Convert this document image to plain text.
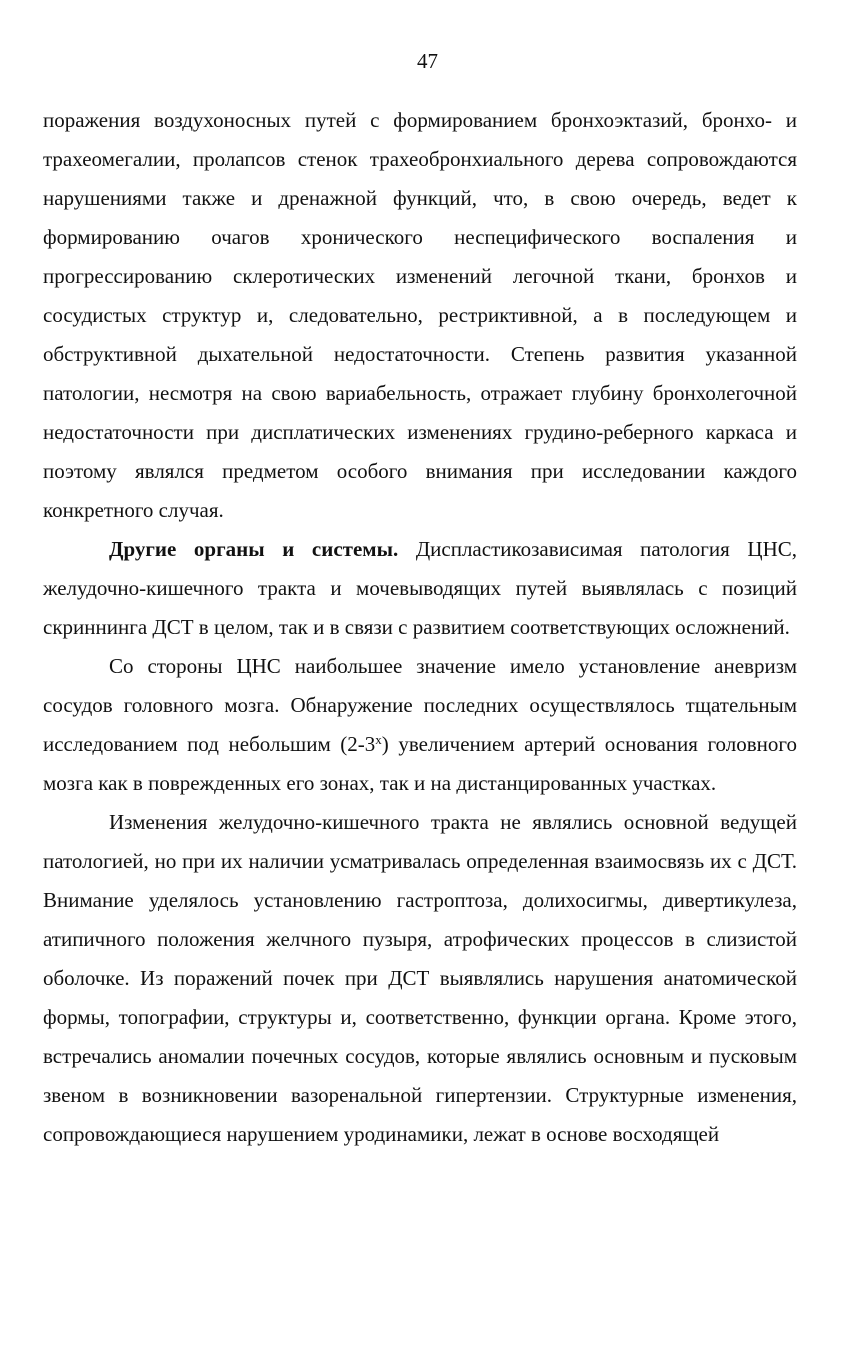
47

поражения воздухоносных путей с формированием бронхоэктазий, бронхо- и трахеомегалии, пролапсов стенок трахеобронхиального дерева сопровождаются нарушениями также и дренажной функций, что, в свою очередь, ведет к формированию очагов хронического неспецифического воспаления и прогрессированию склеротических изменений легочной ткани, бронхов и сосудистых структур и, следовательно, рестриктивной, а в последующем и обструктивной дыхательной недостаточности. Степень развития указанной патологии, несмотря на свою вариабельность, отражает глубину бронхолегочной недостаточности при дисплатических изменениях грудино-реберного каркаса и поэтому являлся предметом особого внимания при исследовании каждого конкретного случая.

Другие органы и системы. Диспластикозависимая патология ЦНС, желудочно-кишечного тракта и мочевыводящих путей выявлялась с позиций скриннинга ДСТ в целом, так и в связи с развитием соответствующих осложнений.

Со стороны ЦНС наибольшее значение имело установление аневризм сосудов головного мозга. Обнаружение последних осуществлялось тщательным исследованием под небольшим $(2-3^х)$ увеличением артерий основания головного мозга как в поврежденных его зонах, так и на дистанцированных участках.

Изменения желудочно-кишечного тракта не являлись основной ведущей патологией, но при их наличии усматривалась определенная взаимосвязь их с ДСТ. Внимание уделялось установлению гастроптоза, долихосигмы, дивертикулеза, атипичного положения желчного пузыря, атрофических процессов в слизистой оболочке. Из поражений почек при ДСТ выявлялись нарушения анатомической формы, топографии, структуры и, соответственно, функции органа. Кроме этого, встречались аномалии почечных сосудов, которые являлись основным и пусковым звеном в возникновении вазоренальной гипертензии. Структурные изменения, сопровождающиеся нарушением уродинамики, лежат в основе восходящей
